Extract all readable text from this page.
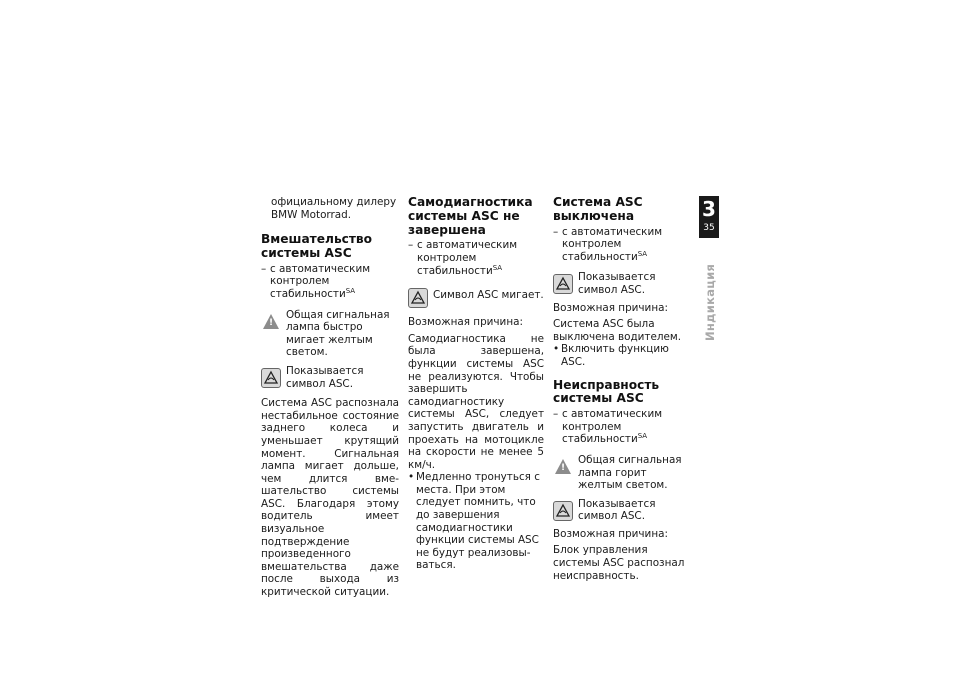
официальному дилеру BMW Motorrad.

Вмешательство системы ASC
– с автоматическим контролем стабильности$^{SA}$
!

Общая сигнальная лампа быстро мигает желтым светом.

Показывается символ ASC.

Система ASC распознала нестабильное состояние заднего колеса и уменьшает крутящий момент. Сигнальная лампа мигает дольше, чем длится вмешательство системы ASC. Благодаря этому водитель имеет визуальное подтверждение произведенного вмешательства даже после выхода из критической ситуации.

Самодиагностика системы ASC не завершена
– с автоматическим контролем стабильности$^{SA}$

Символ ASC мигает.

Возможная причина:

Самодиагностика не была завершена, функции системы ASC не реализуются. Чтобы завершить самодиагностику системы ASC, следует запустить двигатель и проехать на мотоцикле на скорости не менее 5 км/ч.

• Медленно тронуться с места. При этом следует помнить, что до завершения самодиагностики функции системы ASC не будут реализовываться.
Система ASC выключена
– с автоматическим контролем стабильности$^{SA}$

Показывается символ ASC.

Возможная причина:

Система ASC была выключена водителем.

• Включить функцию ASC.
Неисправность системы ASC
– с автоматическим контролем стабильности$^{SA}$
!

Общая сигнальная лампа горит желтым светом.

Показывается символ ASC.

Возможная причина:

Блок управления системы ASC распознал неисправность.

3
35
Индикация
